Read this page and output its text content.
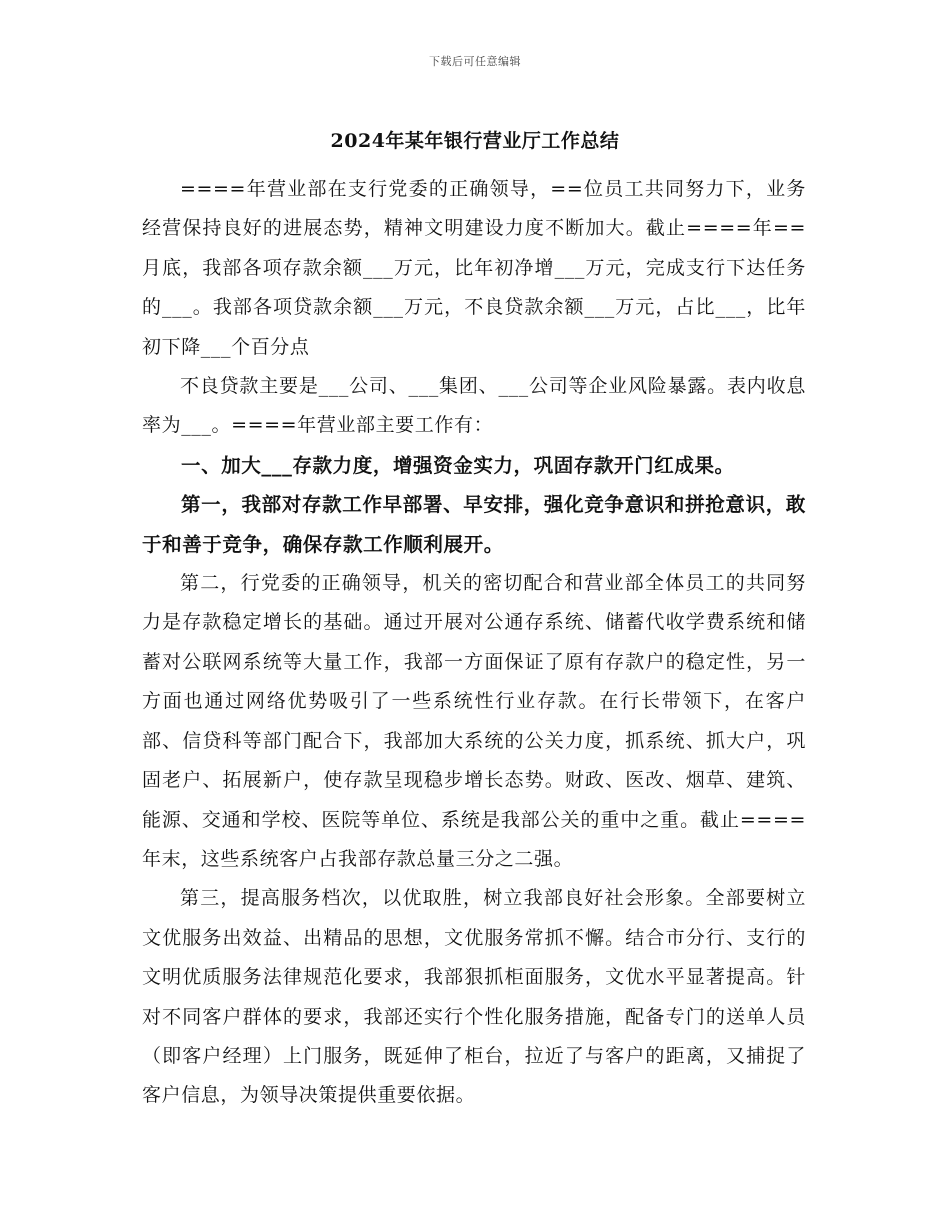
下载后可任意编辑
2024年某年银行营业厅工作总结

====年营业部在支行党委的正确领导，==位员工共同努力下，业务经营保持良好的进展态势，精神文明建设力度不断加大。截止====年==月底，我部各项存款余额___万元，比年初净增___万元，完成支行下达任务的___。我部各项贷款余额___万元，不良贷款余额___万元，占比___，比年初下降___个百分点

不良贷款主要是___公司、___集团、___公司等企业风险暴露。表内收息率为___。====年营业部主要工作有：

一、加大___存款力度，增强资金实力，巩固存款开门红成果。

第一，我部对存款工作早部署、早安排，强化竞争意识和拼抢意识，敢于和善于竞争，确保存款工作顺利展开。

第二，行党委的正确领导，机关的密切配合和营业部全体员工的共同努力是存款稳定增长的基础。通过开展对公通存系统、储蓄代收学费系统和储蓄对公联网系统等大量工作，我部一方面保证了原有存款户的稳定性，另一方面也通过网络优势吸引了一些系统性行业存款。在行长带领下，在客户部、信贷科等部门配合下，我部加大系统的公关力度，抓系统、抓大户，巩固老户、拓展新户，使存款呈现稳步增长态势。财政、医改、烟草、建筑、能源、交通和学校、医院等单位、系统是我部公关的重中之重。截止====年末，这些系统客户占我部存款总量三分之二强。

第三，提高服务档次，以优取胜，树立我部良好社会形象。全部要树立文优服务出效益、出精品的思想，文优服务常抓不懈。结合市分行、支行的文明优质服务法律规范化要求，我部狠抓柜面服务，文优水平显著提高。针对不同客户群体的要求，我部还实行个性化服务措施，配备专门的送单人员（即客户经理）上门服务，既延伸了柜台，拉近了与客户的距离，又捕捉了客户信息，为领导决策提供重要依据。
